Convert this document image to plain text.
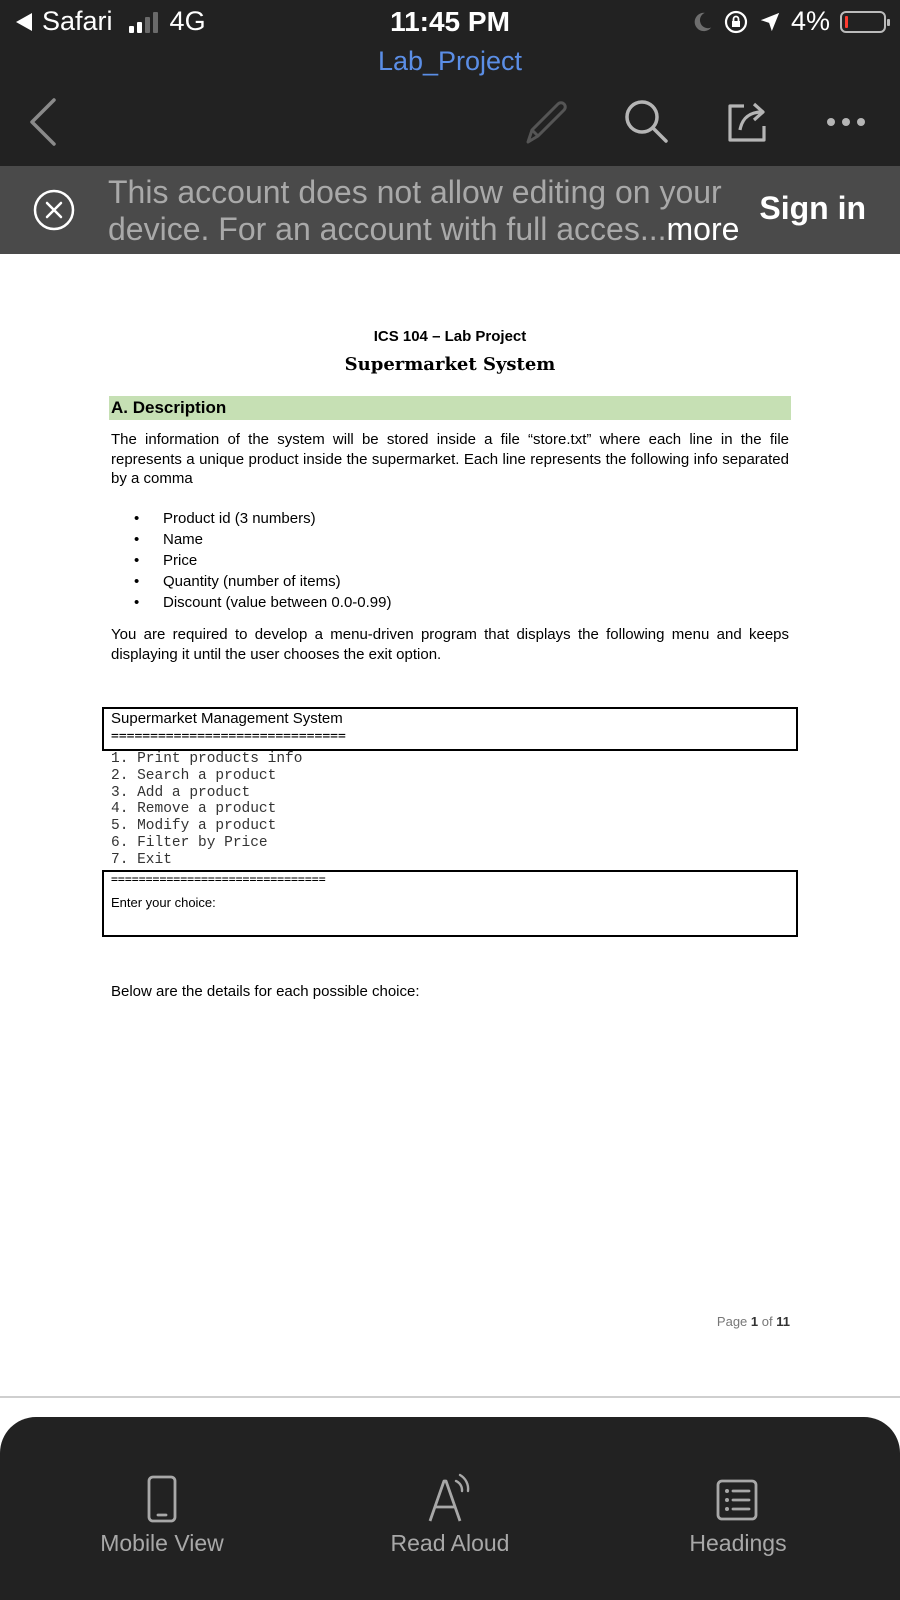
Safari 4G	11:45 PM	4%
Lab_Project
This account does not allow editing on your
device. For an account with full acces...more
Sign in
ICS 104 – Lab Project
Supermarket System
A. Description
The information of the system will be stored inside a file “store.txt” where each line in the file represents a unique product inside the supermarket. Each line represents the following info separated by a comma
• Product id (3 numbers)
• Name
• Price
• Quantity (number of items)
• Discount (value between 0.0-0.99)
You are required to develop a menu-driven program that displays the following menu and keeps displaying it until the user chooses the exit option.
Supermarket Management System
==============================
1. Print products info
2. Search a product
3. Add a product
4. Remove a product
5. Modify a product
6. Filter by Price
7. Exit
===============================
Enter your choice:
Below are the details for each possible choice:
Page 1 of 11
Mobile View	Read Aloud	Headings
